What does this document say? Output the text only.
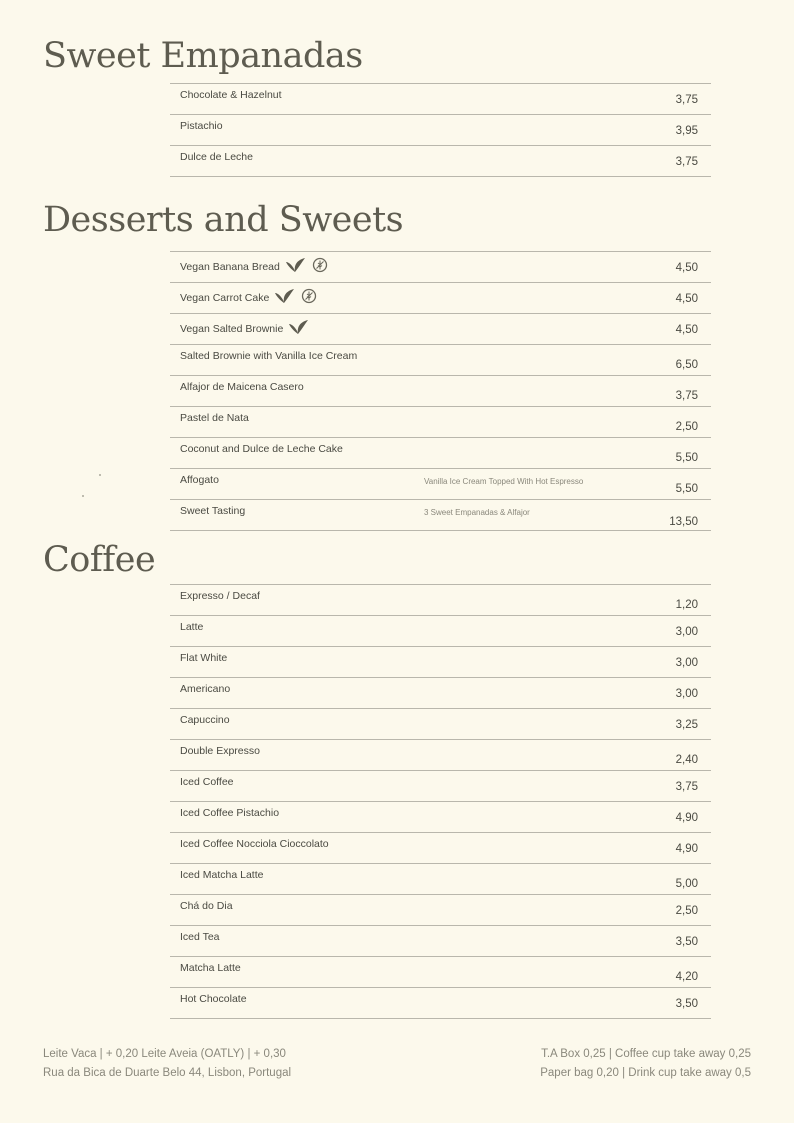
Sweet Empanadas
Chocolate & Hazelnut	3,75
Pistachio	3,95
Dulce de Leche	3,75
Desserts and Sweets
Vegan Banana Bread	4,50
Vegan Carrot Cake	4,50
Vegan Salted Brownie	4,50
Salted Brownie with Vanilla Ice Cream
6,50
Alfajor de Maicena Casero
3,75
Pastel de Nata
2,50
Coconut and Dulce de Leche Cake
5,50
Affogato	Vanilla Ice Cream Topped With Hot Espresso
5,50
Sweet Tasting	3 Sweet Empanadas & Alfajor
13,50
Coffee
Expresso / Decaf
1,20
Latte	3,00
Flat White	3,00
Americano	3,00
Capuccino	3,25
Double Expresso
2,40
Iced Coffee	3,75
Iced Coffee Pistachio	4,90
Iced Coffee Nocciola Cioccolato	4,90
Iced Matcha Latte
5,00
Chá do Dia	2,50
Iced Tea	3,50
Matcha Latte
4,20
Hot Chocolate	3,50
Leite Vaca | + 0,20 Leite Aveia (OATLY) | + 0,30
Rua da Bica de Duarte Belo 44, Lisbon, Portugal
T.A Box 0,25 | Coffee cup take away 0,25
Paper bag 0,20 | Drink cup take away 0,5
